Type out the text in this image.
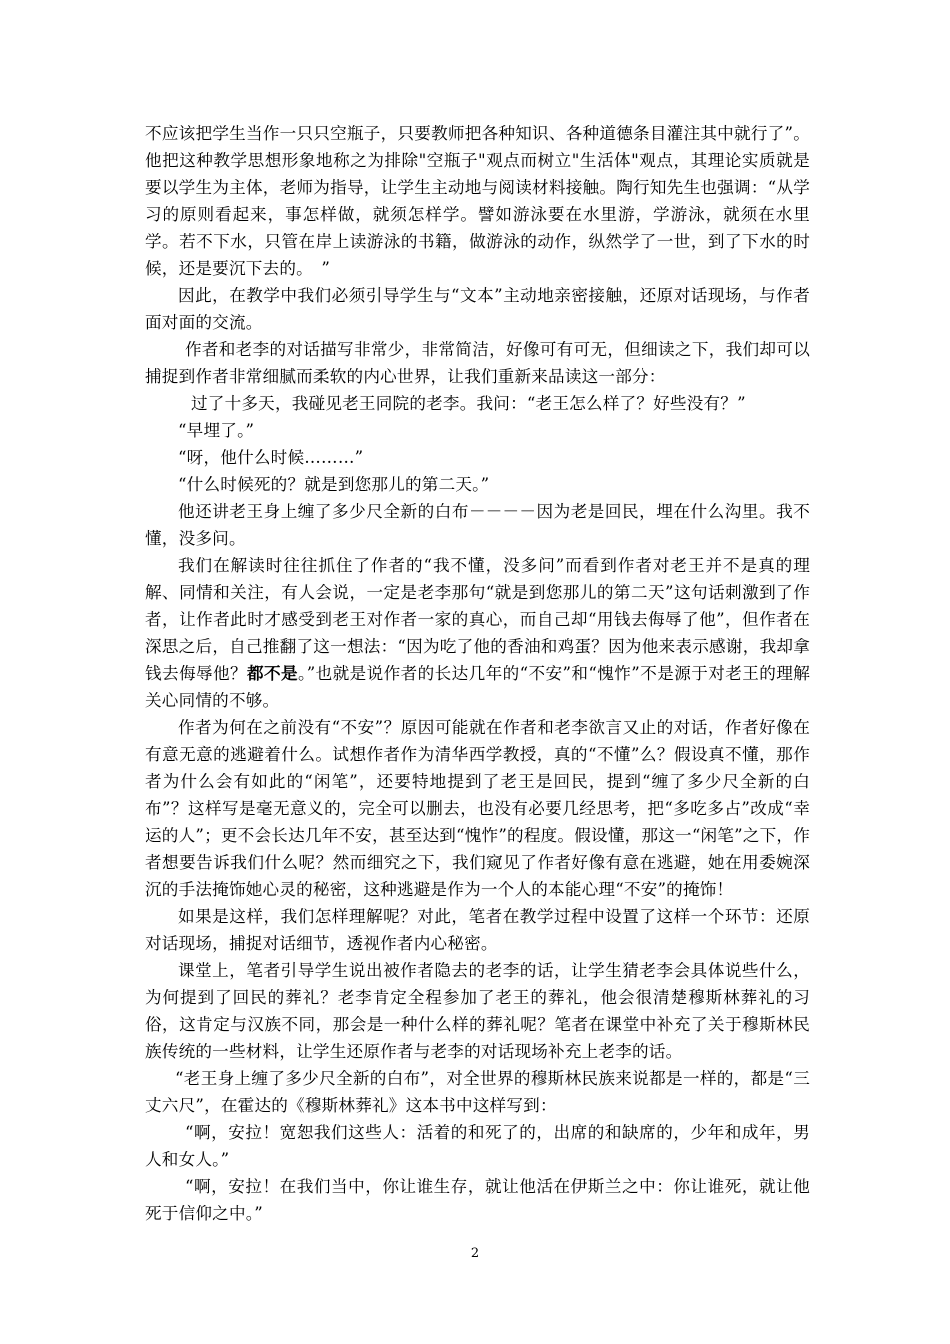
不应该把学生当作一只只空瓶子，只要教师把各种知识、各种道德条目灌注其中就行了”。他把这种教学思想形象地称之为排除"空瓶子"观点而树立"生活体"观点，其理论实质就是要以学生为主体，老师为指导，让学生主动地与阅读材料接触。陶行知先生也强调：“从学习的原则看起来，事怎样做，就须怎样学。譬如游泳要在水里游，学游泳，就须在水里学。若不下水，只管在岸上读游泳的书籍，做游泳的动作，纵然学了一世，到了下水的时候，还是要沉下去的。　”

因此，在教学中我们必须引导学生与“文本”主动地亲密接触，还原对话现场，与作者面对面的交流。

作者和老李的对话描写非常少，非常简洁，好像可有可无，但细读之下，我们却可以捕捉到作者非常细腻而柔软的内心世界，让我们重新来品读这一部分：

过了十多天，我碰见老王同院的老李。我问：“老王怎么样了？好些没有？”

“早埋了。”

“呀，他什么时候………”

“什么时候死的？就是到您那儿的第二天。”

他还讲老王身上缠了多少尺全新的白布－－－－因为老是回民，埋在什么沟里。我不懂，没多问。

我们在解读时往往抓住了作者的“我不懂，没多问”而看到作者对老王并不是真的理解、同情和关注，有人会说，一定是老李那句“就是到您那儿的第二天”这句话刺激到了作者，让作者此时才感受到老王对作者一家的真心，而自己却“用钱去侮辱了他”，但作者在深思之后，自己推翻了这一想法：“因为吃了他的香油和鸡蛋？因为他来表示感谢，我却拿钱去侮辱他？都不是。”也就是说作者的长达几年的“不安”和“愧怍”不是源于对老王的理解关心同情的不够。

作者为何在之前没有“不安”？原因可能就在作者和老李欲言又止的对话，作者好像在有意无意的逃避着什么。试想作者作为清华西学教授，真的“不懂”么？假设真不懂，那作者为什么会有如此的“闲笔”，还要特地提到了老王是回民，提到“缠了多少尺全新的白布”？这样写是毫无意义的，完全可以删去，也没有必要几经思考，把“多吃多占”改成“幸运的人”；更不会长达几年不安，甚至达到“愧怍”的程度。假设懂，那这一“闲笔”之下，作者想要告诉我们什么呢？然而细究之下，我们窥见了作者好像有意在逃避，她在用委婉深沉的手法掩饰她心灵的秘密，这种逃避是作为一个人的本能心理“不安”的掩饰！

如果是这样，我们怎样理解呢？对此，笔者在教学过程中设置了这样一个环节：还原对话现场，捕捉对话细节，透视作者内心秘密。

课堂上，笔者引导学生说出被作者隐去的老李的话，让学生猜老李会具体说些什么，为何提到了回民的葬礼？老李肯定全程参加了老王的葬礼，他会很清楚穆斯林葬礼的习俗，这肯定与汉族不同，那会是一种什么样的葬礼呢？笔者在课堂中补充了关于穆斯林民族传统的一些材料，让学生还原作者与老李的对话现场补充上老李的话。

“老王身上缠了多少尺全新的白布”，对全世界的穆斯林民族来说都是一样的，都是“三丈六尺”，在霍达的《穆斯林葬礼》这本书中这样写到：

“啊，安拉！宽恕我们这些人：活着的和死了的，出席的和缺席的，少年和成年，男人和女人。”

“啊，安拉！在我们当中，你让谁生存，就让他活在伊斯兰之中：你让谁死，就让他死于信仰之中。”

2
